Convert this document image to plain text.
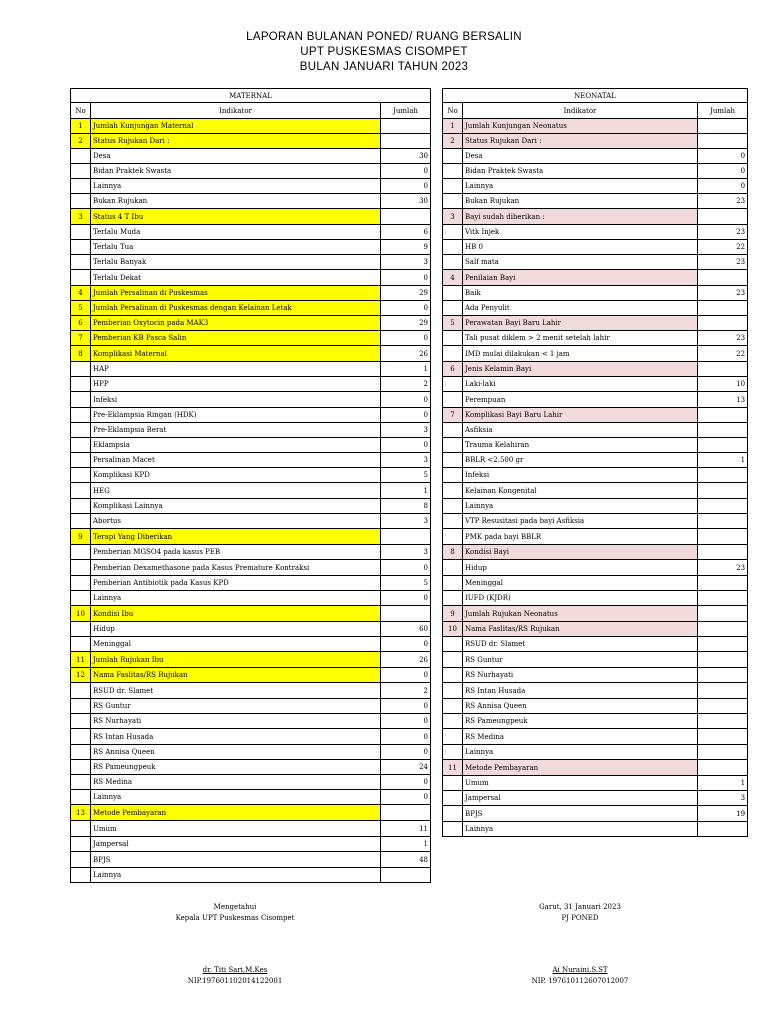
LAPORAN BULANAN PONED/ RUANG BERSALIN
UPT PUSKESMAS CISOMPET
BULAN JANUARI TAHUN 2023
MATERNAL		
No	Indikator	Jumlah
1	Jumlah Kunjungan Maternal	
2	Status Rujukan Dari :	
	Desa	30
	Bidan Praktek Swasta	0
	Lainnya	0
	Bukan Rujukan	30
3	Status 4 T Ibu	
	Terlalu Muda	6
	Terlalu Tua	9
	Terlalu Banyak	3
	Terlalu Dekat	0
4	Jumlah Persalinan di Puskesmas	29
5	Jumlah Persalinan di Puskesmas dengan Kelainan Letak	0
6	Pemberian Oxytocin pada MAK3	29
7	Pemberian KB Pasca Salin	0
8	Komplikasi Maternal	26
	HAP	1
	HPP	2
	Infeksi	0
	Pre-Eklampsia Ringan (HDK)	0
	Pre-Eklampsia Berat	3
	Eklampsia	0
	Persalinan Macet	3
	Komplikasi KPD	5
	HEG	1
	Komplikasi Lainnya	8
	Abortus	3
9	Terapi Yang Diberikan	
	Pemberian MGSO4 pada kasus PEB	3
	Pemberian Dexamethasone pada Kasus Premature Kontraksi	0
	Pemberian Antibiotik pada Kasus KPD	5
	Lainnya	0
10	Kondisi Ibu	
	Hidup	60
	Meninggal	0
11	Jumlah Rujukan Ibu	26
12	Nama Faslitas/RS Rujukan	0
	RSUD dr. Slamet	2
	RS Guntur	0
	RS Nurhayati	0
	RS Intan Husada	0
	RS Annisa Queen	0
	RS Pameungpeuk	24
	RS Medina	0
	Lainnya	0
13	Metode Pembayaran	
	Umum	11
	Jampersal	1
	BPJS	48
	Lainnya	
NEONATAL		
No	Indikator	Jumlah
1	Jumlah Kunjungan Neonatus	
2	Status Rujukan Dari :	
	Desa	0
	Bidan Praktek Swasta	0
	Lainnya	0
	Bukan Rujukan	23
3	Bayi sudah diberikan :	
	Vitk Injek	23
	HB 0	22
	Salf mata	23
4	Penilaian Bayi	
	Baik	23
	Ada Penyulit	
5	Perawatan Bayi Baru Lahir	
	Tali pusat diklem > 2 menit setelah lahir	23
	IMD mulai dilakukan < 1 jam	22
6	Jenis Kelamin Bayi	
	Laki-laki	10
	Perempuan	13
7	Komplikasi Bayi Baru Lahir	
	Asfiksia	
	Trauma Kelahiran	
	BBLR <2.500 gr	1
	Infeksi	
	Kelainan Kongenital	
	Lainnya	
	VTP Resusitasi pada bayi Asfiksia	
	PMK pada bayi BBLR	
8	Kondisi Bayi	
	Hidup	23
	Meninggal	
	IUFD (KJDR)	
9	Jumlah Rujukan Neonatus	
10	Nama Faslitas/RS Rujukan	
	RSUD dr. Slamet	
	RS Guntur	
	RS Nurhayati	
	RS Intan Husada	
	RS Annisa Queen	
	RS Pameungpeuk	
	RS Medina	
	Lainnya	
11	Metode Pembayaran	
	Umum	1
	Jampersal	3
	BPJS	19
	Lainnya	
Mengetahui
Kepala UPT Puskesmas Cisompet
dr. Titi Sari,M.Kes
NIP.197601102014122001
Garut, 31 Januari 2023
PJ PONED
Ai Nuraini,S.ST
NIP. 197610112607012007
